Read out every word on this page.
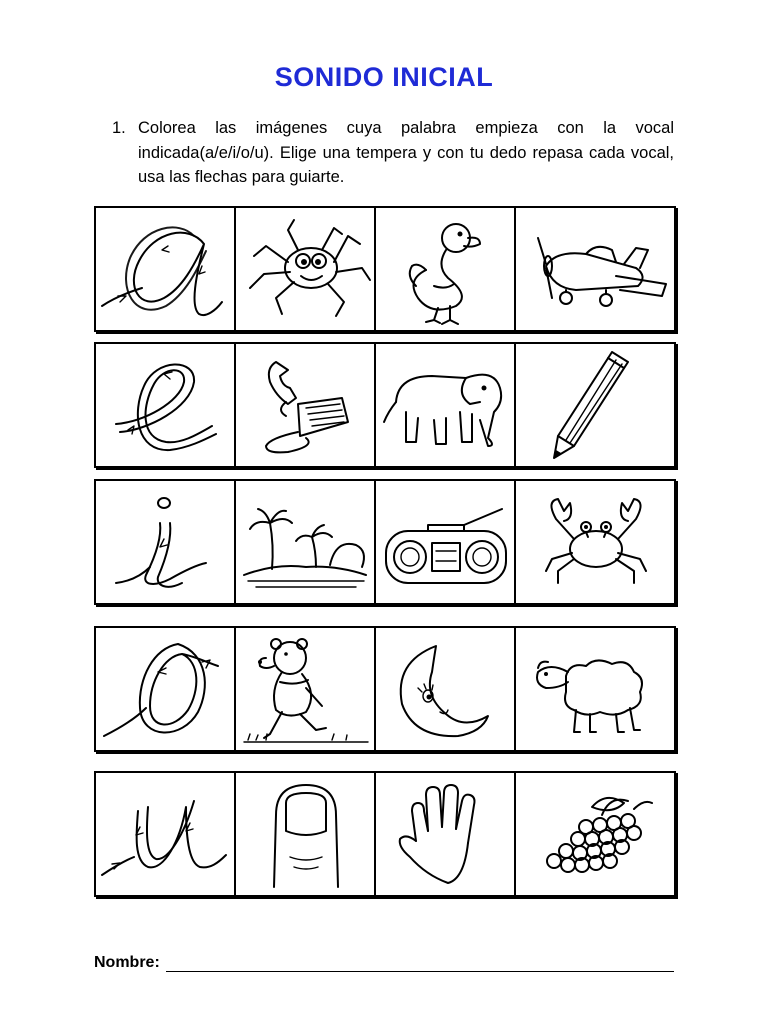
SONIDO INICIAL
1. Colorea las imágenes cuya palabra empieza con la vocal indicada(a/e/i/o/u). Elige una tempera y con tu dedo repasa cada vocal, usa las flechas para guiarte.
Nombre:
